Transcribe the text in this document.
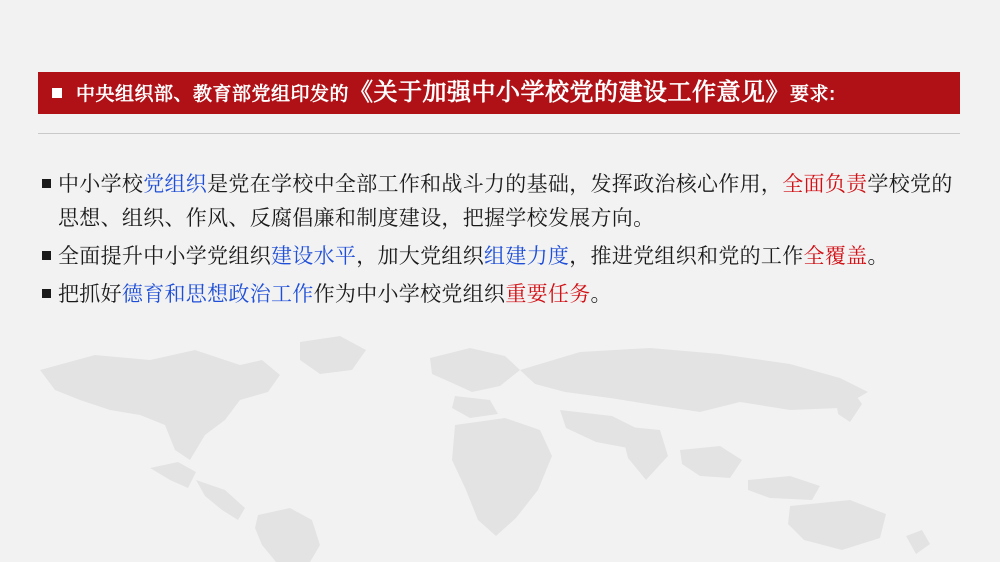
中央组织部、教育部党组印发的《关于加强中小学校党的建设工作意见》要求:
中小学校党组织是党在学校中全部工作和战斗力的基础，发挥政治核心作用，全面负责学校党的思想、组织、作风、反腐倡廉和制度建设，把握学校发展方向。
全面提升中小学党组织建设水平，加大党组织组建力度，推进党组织和党的工作全覆盖。
把抓好德育和思想政治工作作为中小学校党组织重要任务。
